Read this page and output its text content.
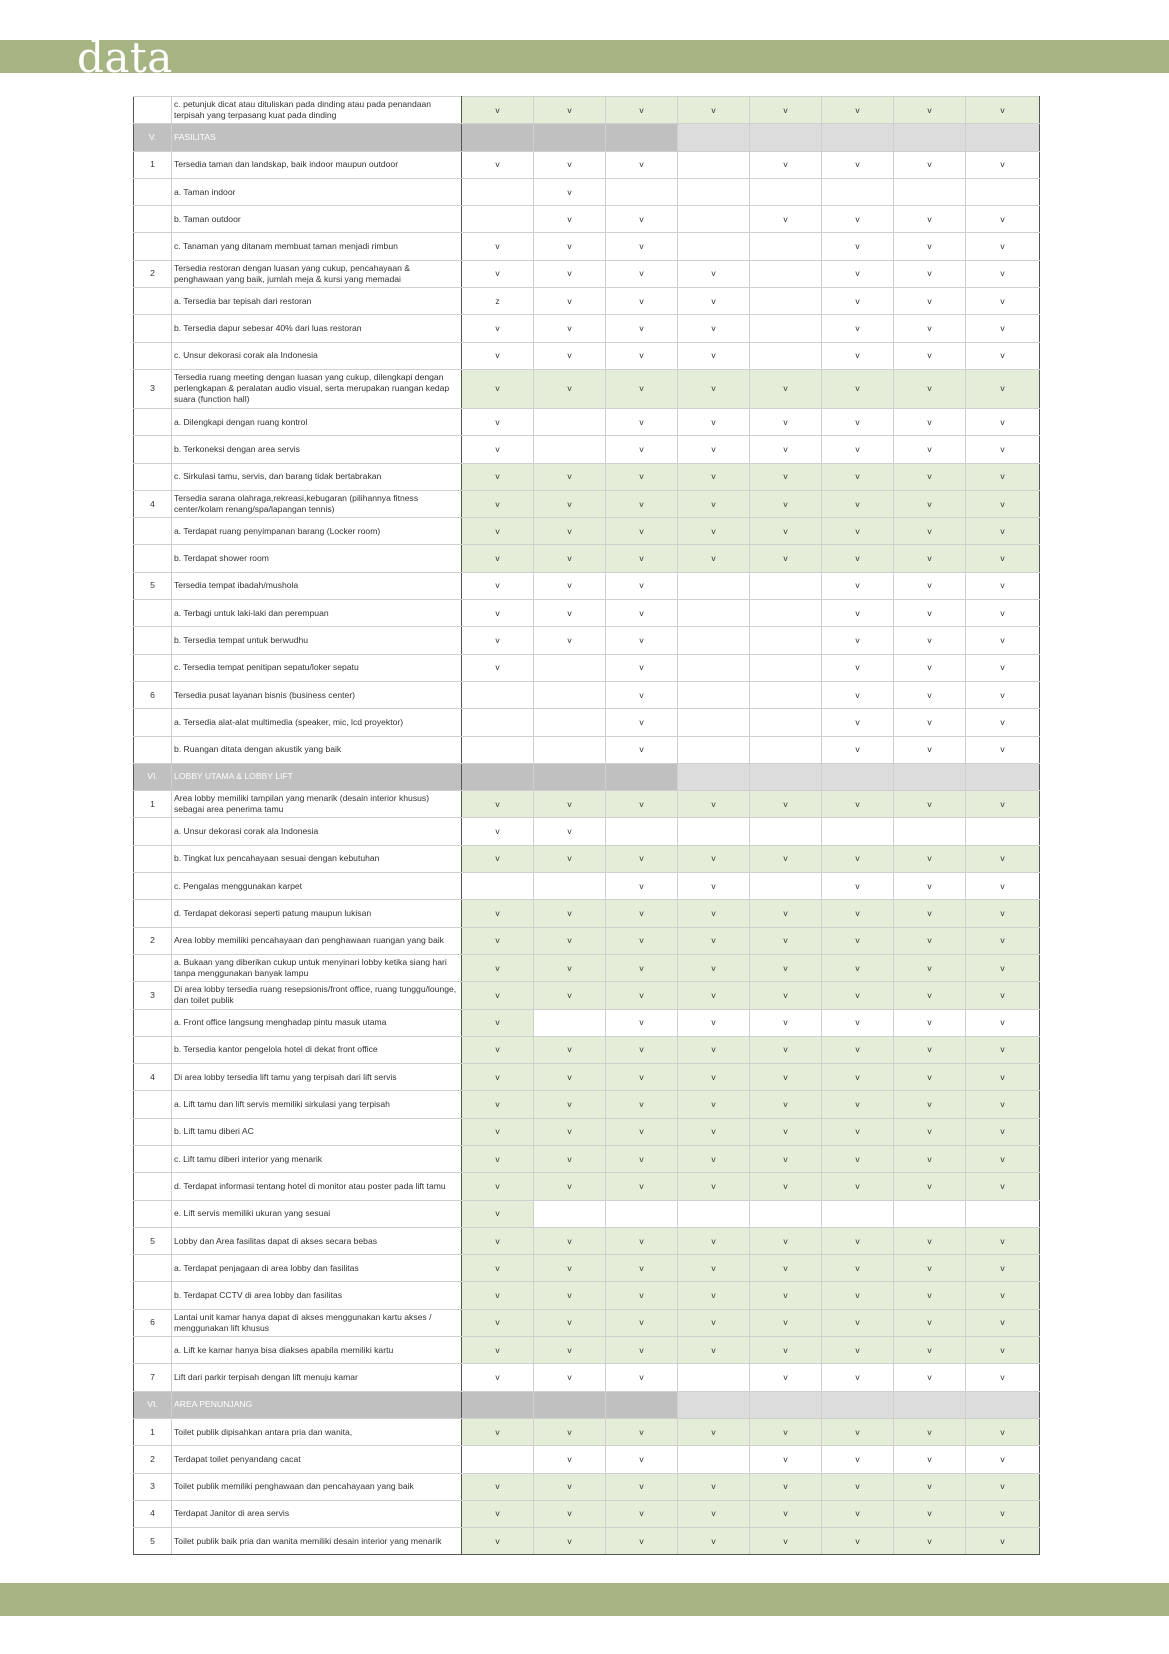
data
	c. petunjuk dicat atau dituliskan pada dinding atau pada penandaan terpisah yang terpasang kuat pada dinding	v	v	v	v	v	v	v	v
V.	FASILITAS								
1	Tersedia taman dan landskap, baik indoor maupun outdoor	v	v	v		v	v	v	v
	a. Taman indoor		v						
	b. Taman outdoor		v	v		v	v	v	v
	c. Tanaman yang ditanam membuat taman menjadi rimbun	v	v	v			v	v	v
2	Tersedia restoran dengan luasan yang cukup, pencahayaan & penghawaan yang baik, jumlah meja & kursi yang memadai	v	v	v	v		v	v	v
	a. Tersedia bar tepisah dari restoran	z	v	v	v		v	v	v
	b. Tersedia dapur sebesar 40% dari luas restoran	v	v	v	v		v	v	v
	c. Unsur dekorasi corak ala Indonesia	v	v	v	v		v	v	v
3	Tersedia ruang meeting dengan luasan yang cukup, dilengkapi dengan perlengkapan & peralatan audio visual, serta merupakan ruangan kedap suara (function hall)	v	v	v	v	v	v	v	v
	a. Dilengkapi dengan ruang kontrol	v		v	v	v	v	v	v
	b. Terkoneksi dengan area servis	v		v	v	v	v	v	v
	c. Sirkulasi tamu, servis, dan barang tidak bertabrakan	v	v	v	v	v	v	v	v
4	Tersedia sarana olahraga,rekreasi,kebugaran (pilihannya fitness center/kolam renang/spa/lapangan tennis)	v	v	v	v	v	v	v	v
	a. Terdapat ruang penyimpanan barang (Locker room)	v	v	v	v	v	v	v	v
	b. Terdapat shower room	v	v	v	v	v	v	v	v
5	Tersedia tempat ibadah/mushola	v	v	v			v	v	v
	a. Terbagi untuk laki-laki dan perempuan	v	v	v			v	v	v
	b. Tersedia tempat untuk berwudhu	v	v	v			v	v	v
	c. Tersedia tempat penitipan sepatu/loker sepatu	v		v			v	v	v
6	Tersedia pusat layanan bisnis (business center)			v			v	v	v
	a. Tersedia alat-alat multimedia (speaker, mic, lcd proyektor)			v			v	v	v
	b. Ruangan ditata dengan akustik yang baik			v			v	v	v
VI.	LOBBY UTAMA & LOBBY LIFT								
1	Area lobby memiliki tampilan yang menarik (desain interior khusus) sebagai area penerima tamu	v	v	v	v	v	v	v	v
	a. Unsur dekorasi corak ala Indonesia	v	v						
	b. Tingkat lux pencahayaan sesuai dengan kebutuhan	v	v	v	v	v	v	v	v
	c. Pengalas menggunakan karpet			v	v		v	v	v
	d. Terdapat dekorasi seperti patung maupun lukisan	v	v	v	v	v	v	v	v
2	Area lobby memiliki pencahayaan dan penghawaan ruangan yang baik	v	v	v	v	v	v	v	v
	a. Bukaan yang diberikan cukup untuk menyinari lobby ketika siang hari tanpa menggunakan banyak lampu	v	v	v	v	v	v	v	v
3	Di area lobby tersedia ruang resepsionis/front office, ruang tunggu/lounge, dan toilet publik	v	v	v	v	v	v	v	v
	a. Front office langsung menghadap pintu masuk utama	v		v	v	v	v	v	v
	b. Tersedia kantor pengelola hotel di dekat front office	v	v	v	v	v	v	v	v
4	Di area lobby tersedia lift tamu yang terpisah dari lift servis	v	v	v	v	v	v	v	v
	a. Lift tamu dan lift servis memiliki sirkulasi yang terpisah	v	v	v	v	v	v	v	v
	b. Lift tamu diberi AC	v	v	v	v	v	v	v	v
	c. Lift tamu diberi interior yang menarik	v	v	v	v	v	v	v	v
	d. Terdapat informasi tentang hotel di monitor atau poster pada lift tamu	v	v	v	v	v	v	v	v
	e. Lift servis memiliki ukuran yang sesuai	v							
5	Lobby dan Area fasilitas dapat di akses secara bebas	v	v	v	v	v	v	v	v
	a. Terdapat penjagaan di area lobby dan fasilitas	v	v	v	v	v	v	v	v
	b. Terdapat CCTV di area lobby dan fasilitas	v	v	v	v	v	v	v	v
6	Lantai unit kamar hanya dapat di akses menggunakan kartu akses / menggunakan lift khusus	v	v	v	v	v	v	v	v
	a. Lift ke kamar hanya bisa diakses apabila memiliki kartu	v	v	v	v	v	v	v	v
7	Lift dari parkir terpisah dengan lift menuju kamar	v	v	v		v	v	v	v
VI.	AREA PENUNJANG								
1	Toilet publik dipisahkan antara pria dan wanita,	v	v	v	v	v	v	v	v
2	Terdapat toilet penyandang cacat		v	v		v	v	v	v
3	Toilet publik memiliki penghawaan dan pencahayaan yang baik	v	v	v	v	v	v	v	v
4	Terdapat Janitor di area servis	v	v	v	v	v	v	v	v
5	Toilet publik baik pria dan wanita memiliki desain interior yang menarik	v	v	v	v	v	v	v	v
